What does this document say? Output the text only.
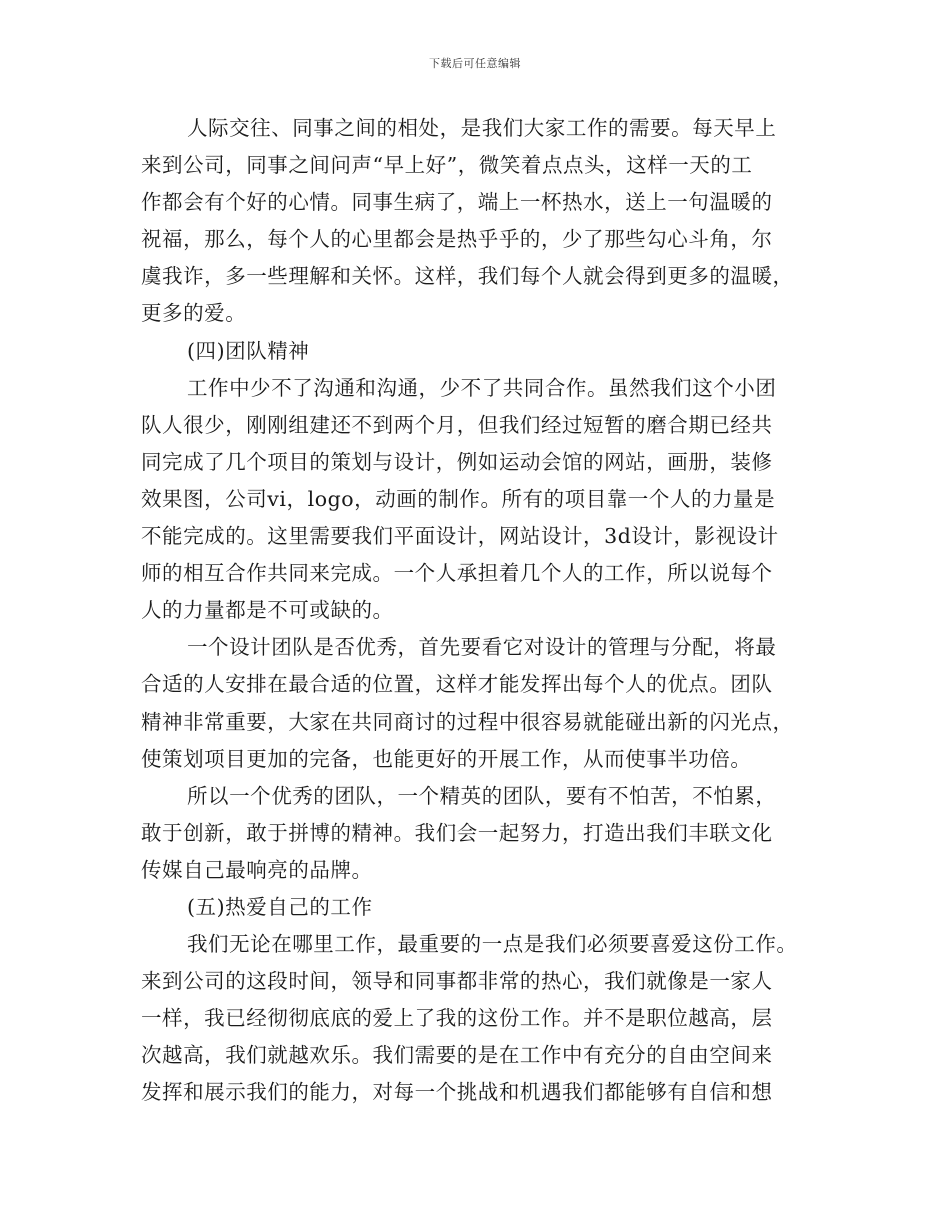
下载后可任意编辑
人际交往、同事之间的相处，是我们大家工作的需要。每天早上
来到公司，同事之间问声“早上好”，微笑着点点头，这样一天的工
作都会有个好的心情。同事生病了，端上一杯热水，送上一句温暖的
祝福，那么，每个人的心里都会是热乎乎的，少了那些勾心斗角，尔
虞我诈，多一些理解和关怀。这样，我们每个人就会得到更多的温暖，
更多的爱。
(四)团队精神
工作中少不了沟通和沟通，少不了共同合作。虽然我们这个小团
队人很少，刚刚组建还不到两个月，但我们经过短暂的磨合期已经共
同完成了几个项目的策划与设计，例如运动会馆的网站，画册，装修
效果图，公司vi，logo，动画的制作。所有的项目靠一个人的力量是
不能完成的。这里需要我们平面设计，网站设计，3d设计，影视设计
师的相互合作共同来完成。一个人承担着几个人的工作，所以说每个
人的力量都是不可或缺的。
一个设计团队是否优秀，首先要看它对设计的管理与分配，将最
合适的人安排在最合适的位置，这样才能发挥出每个人的优点。团队
精神非常重要，大家在共同商讨的过程中很容易就能碰出新的闪光点，
使策划项目更加的完备，也能更好的开展工作，从而使事半功倍。
所以一个优秀的团队，一个精英的团队，要有不怕苦，不怕累，
敢于创新，敢于拼博的精神。我们会一起努力，打造出我们丰联文化
传媒自己最响亮的品牌。
(五)热爱自己的工作
我们无论在哪里工作，最重要的一点是我们必须要喜爱这份工作。
来到公司的这段时间，领导和同事都非常的热心，我们就像是一家人
一样，我已经彻彻底底的爱上了我的这份工作。并不是职位越高，层
次越高，我们就越欢乐。我们需要的是在工作中有充分的自由空间来
发挥和展示我们的能力，对每一个挑战和机遇我们都能够有自信和想
